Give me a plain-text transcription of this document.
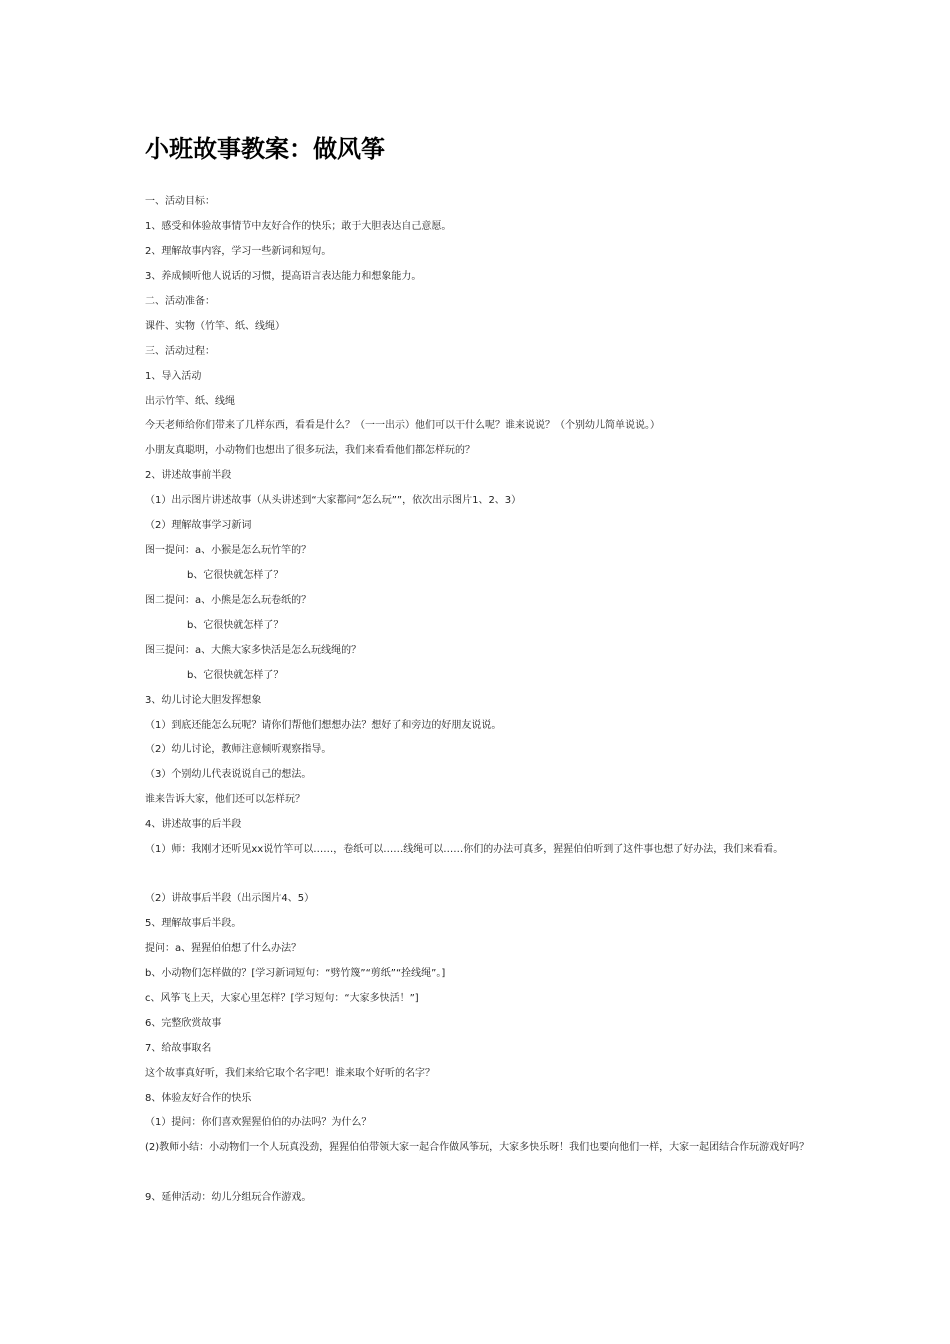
小班故事教案：做风筝
一、活动目标：
1、感受和体验故事情节中友好合作的快乐；敢于大胆表达自己意愿。
2、理解故事内容，学习一些新词和短句。
3、养成倾听他人说话的习惯，提高语言表达能力和想象能力。
二、活动准备：
课件、实物（竹竿、纸、线绳）
三、活动过程：
1、导入活动
出示竹竿、纸、线绳
今天老师给你们带来了几样东西，看看是什么？（一一出示）他们可以干什么呢？谁来说说？（个别幼儿简单说说。）
小朋友真聪明，小动物们也想出了很多玩法，我们来看看他们都怎样玩的？
2、讲述故事前半段
（1）出示图片讲述故事（从头讲述到“大家都问“怎么玩””，依次出示图片1、2、3）
（2）理解故事学习新词
图一提问：a、小猴是怎么玩竹竿的？
b、它很快就怎样了？
图二提问：a、小熊是怎么玩卷纸的？
b、它很快就怎样了？
图三提问：a、大熊大家多快活是怎么玩线绳的？
b、它很快就怎样了？
3、幼儿讨论大胆发挥想象
（1）到底还能怎么玩呢？请你们帮他们想想办法？想好了和旁边的好朋友说说。
（2）幼儿讨论，教师注意倾听观察指导。
（3）个别幼儿代表说说自己的想法。
谁来告诉大家，他们还可以怎样玩？
4、讲述故事的后半段
（1）师：我刚才还听见xx说竹竿可以……，卷纸可以……线绳可以……你们的办法可真多，猩猩伯伯听到了这件事也想了好办法，我们来看看。
（2）讲故事后半段（出示图片4、5）
5、理解故事后半段。
提问：a、猩猩伯伯想了什么办法？
b、小动物们怎样做的？[学习新词短句：“劈竹篾”“剪纸”“拴线绳”。]
c、风筝飞上天，大家心里怎样？[学习短句：“大家多快活！”]
6、完整欣赏故事
7、给故事取名
这个故事真好听，我们来给它取个名字吧！谁来取个好听的名字？
8、体验友好合作的快乐
（1）提问：你们喜欢猩猩伯伯的办法吗？为什么？
(2)教师小结：小动物们一个人玩真没劲，猩猩伯伯带领大家一起合作做风筝玩，大家多快乐呀！我们也要向他们一样，大家一起团结合作玩游戏好吗？
9、延伸活动：幼儿分组玩合作游戏。
